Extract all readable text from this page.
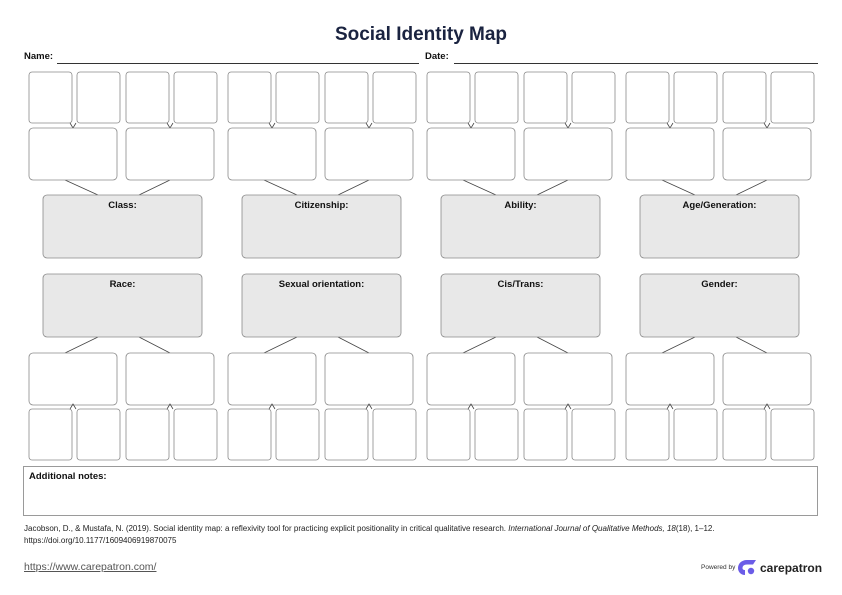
Social Identity Map
Name:	Date:
Class:
Race:
Citizenship:
Sexual orientation:
Ability:
Cis/Trans:
Age/Generation:
Gender:
Additional notes:
Jacobson, D., & Mustafa, N. (2019). Social identity map: a reflexivity tool for practicing explicit positionality in critical qualitative research. International Journal of Qualitative Methods, 18(18), 1–12. https://doi.org/10.1177/1609406919870075
https://www.carepatron.com/	Powered by carepatron
